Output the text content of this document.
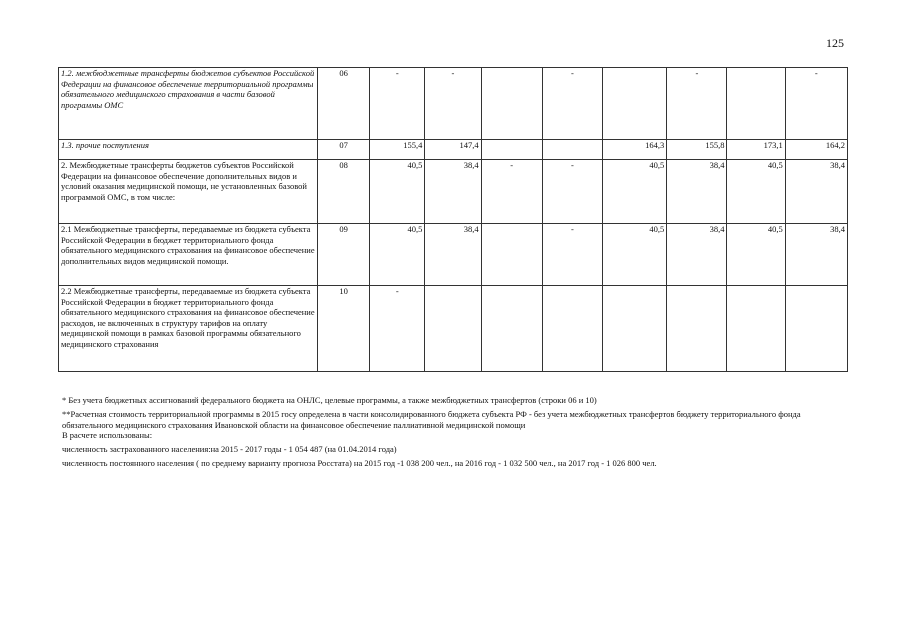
125
1.2. межбюджетные трансферты бюджетов субъектов Российской Федерации на финансовое обеспечение территориальной программы обязательного медицинского страхования в части базовой программы ОМС	06	-	-		-		-		-
1.3. прочие поступления	07	155,4	147,4			164,3	155,8	173,1	164,2
2. Межбюджетные трансферты бюджетов субъектов Российской Федерации на финансовое обеспечение дополнительных видов и условий оказания медицинской помощи, не установленных базовой программой ОМС, в том числе:	08	40,5	38,4	-	-	40,5	38,4	40,5	38,4
2.1 Межбюджетные трансферты, передаваемые из бюджета субъекта Российской Федерации в бюджет территориального фонда обязательного медицинского страхования на финансовое обеспечение дополнительных видов медицинской помощи.	09	40,5	38,4		-	40,5	38,4	40,5	38,4
2.2 Межбюджетные трансферты, передаваемые из бюджета субъекта Российской Федерации в бюджет территориального фонда обязательного медицинского страхования на финансовое обеспечение расходов, не включенных в структуру тарифов на оплату медицинской помощи в рамках базовой программы обязательного медицинского страхования	10	-							

* Без учета бюджетных ассигнований федерального бюджета на ОНЛС, целевые программы, а также межбюджетных трансфертов (строки 06 и 10)

**Расчетная стоимость территориальной программы в 2015 госу определена в части консолидированного бюджета субъекта РФ - без учета межбюджетных трансфертов бюджету территориального фонда обязательного медицинского страхования Ивановской области на финансовое обеспечение паллиативной медицинской помощи

В расчете использованы:

численность застрахованного населения:на 2015 - 2017 годы - 1 054 487 (на 01.04.2014 года)

численность постоянного населения ( по среднему варианту прогноза Росстата) на 2015 год -1 038 200 чел., на 2016 год - 1 032 500 чел., на 2017 год - 1 026 800 чел.
